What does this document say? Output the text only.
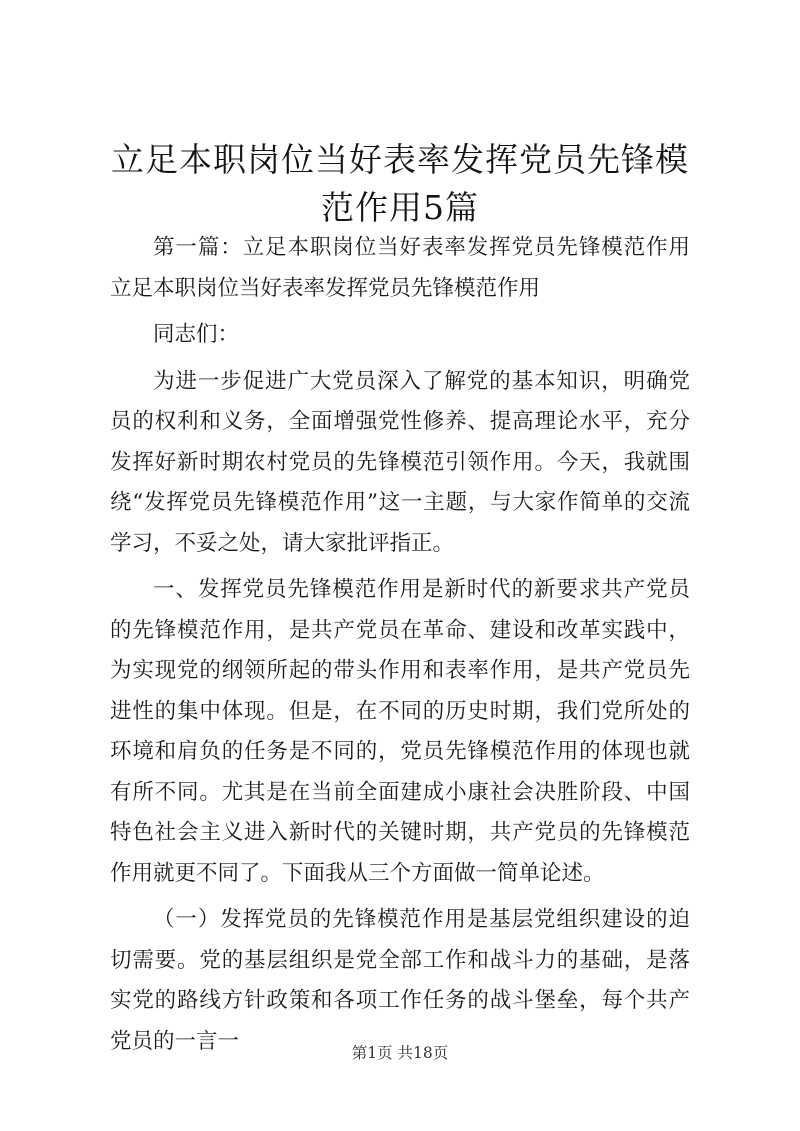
立足本职岗位当好表率发挥党员先锋模范作用5篇

第一篇：立足本职岗位当好表率发挥党员先锋模范作用立足本职岗位当好表率发挥党员先锋模范作用

同志们：

为进一步促进广大党员深入了解党的基本知识，明确党员的权利和义务，全面增强党性修养、提高理论水平，充分发挥好新时期农村党员的先锋模范引领作用。今天，我就围绕“发挥党员先锋模范作用”这一主题，与大家作简单的交流学习，不妥之处，请大家批评指正。

一、发挥党员先锋模范作用是新时代的新要求共产党员的先锋模范作用，是共产党员在革命、建设和改革实践中，为实现党的纲领所起的带头作用和表率作用，是共产党员先进性的集中体现。但是，在不同的历史时期，我们党所处的环境和肩负的任务是不同的，党员先锋模范作用的体现也就有所不同。尤其是在当前全面建成小康社会决胜阶段、中国特色社会主义进入新时代的关键时期，共产党员的先锋模范作用就更不同了。下面我从三个方面做一简单论述。

（一）发挥党员的先锋模范作用是基层党组织建设的迫切需要。党的基层组织是党全部工作和战斗力的基础，是落实党的路线方针政策和各项工作任务的战斗堡垒，每个共产党员的一言一	第1页 共18页
